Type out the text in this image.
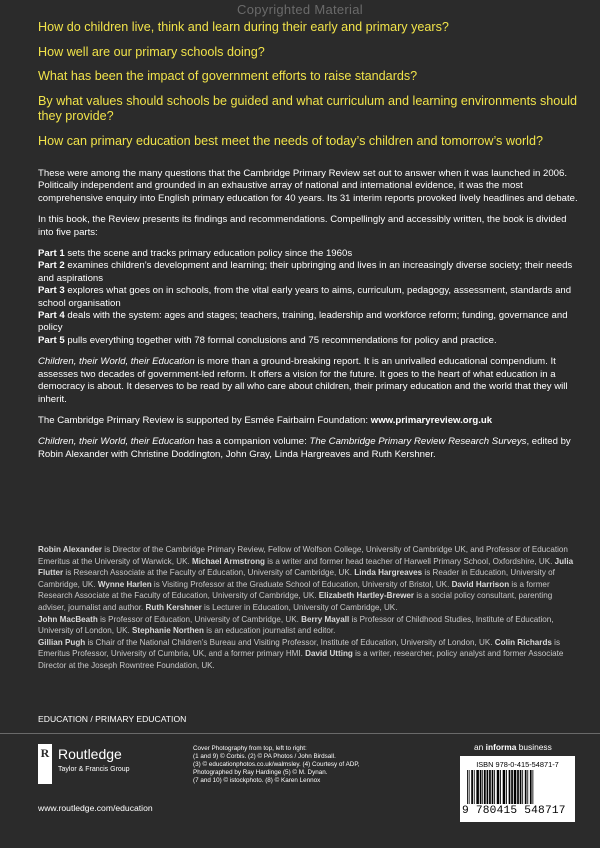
Copyrighted Material

How do children live, think and learn during their early and primary years?

How well are our primary schools doing?

What has been the impact of government efforts to raise standards?

By what values should schools be guided and what curriculum and learning environments should they provide?

How can primary education best meet the needs of today’s children and tomorrow’s world?

These were among the many questions that the Cambridge Primary Review set out to answer when it was launched in 2006. Politically independent and grounded in an exhaustive array of national and international evidence, it was the most comprehensive enquiry into English primary education for 40 years. Its 31 interim reports provoked lively headlines and debate.

In this book, the Review presents its findings and recommendations. Compellingly and accessibly written, the book is divided into five parts:

Part 1 sets the scene and tracks primary education policy since the 1960s
Part 2 examines children’s development and learning; their upbringing and lives in an increasingly diverse society; their needs and aspirations
Part 3 explores what goes on in schools, from the vital early years to aims, curriculum, pedagogy, assessment, standards and school organisation
Part 4 deals with the system: ages and stages; teachers, training, leadership and workforce reform; funding, governance and policy
Part 5 pulls everything together with 78 formal conclusions and 75 recommendations for policy and practice.

Children, their World, their Education is more than a ground-breaking report. It is an unrivalled educational compendium. It assesses two decades of government-led reform. It offers a vision for the future. It goes to the heart of what education in a democracy is about. It deserves to be read by all who care about children, their primary education and the world that they will inherit.

The Cambridge Primary Review is supported by Esmée Fairbairn Foundation: www.primaryreview.org.uk

Children, their World, their Education has a companion volume: The Cambridge Primary Review Research Surveys, edited by Robin Alexander with Christine Doddington, John Gray, Linda Hargreaves and Ruth Kershner.

Robin Alexander is Director of the Cambridge Primary Review, Fellow of Wolfson College, University of Cambridge UK, and Professor of Education Emeritus at the University of Warwick, UK. Michael Armstrong is a writer and former head teacher of Harwell Primary School, Oxfordshire, UK. Julia Flutter is Research Associate at the Faculty of Education, University of Cambridge, UK. Linda Hargreaves is Reader in Education, University of Cambridge, UK. Wynne Harlen is Visiting Professor at the Graduate School of Education, University of Bristol, UK. David Harrison is a former Research Associate at the Faculty of Education, University of Cambridge, UK. Elizabeth Hartley-Brewer is a social policy consultant, parenting adviser, journalist and author. Ruth Kershner is Lecturer in Education, University of Cambridge, UK.
John MacBeath is Professor of Education, University of Cambridge, UK. Berry Mayall is Professor of Childhood Studies, Institute of Education, University of London, UK. Stephanie Northen is an education journalist and editor.
Gillian Pugh is Chair of the National Children’s Bureau and Visiting Professor, Institute of Education, University of London, UK. Colin Richards is Emeritus Professor, University of Cumbria, UK, and a former primary HMI. David Utting is a writer, researcher, policy analyst and former Associate Director at the Joseph Rowntree Foundation, UK.
EDUCATION / PRIMARY EDUCATION
R Routledge
Taylor & Francis Group
www.routledge.com/education
Cover Photography from top, left to right:
(1 and 9) © Corbis. (2) © PA Photos / John Birdsall.
(3) © educationphotos.co.uk/walmsley. (4) Courtesy of ADP,
Photographed by Ray Hardinge (5) © M. Dynan.
(7 and 10) © istockphoto. (8) © Karen Lennox
an informa business
ISBN 978-0-415-54871-7
9 780415 548717
